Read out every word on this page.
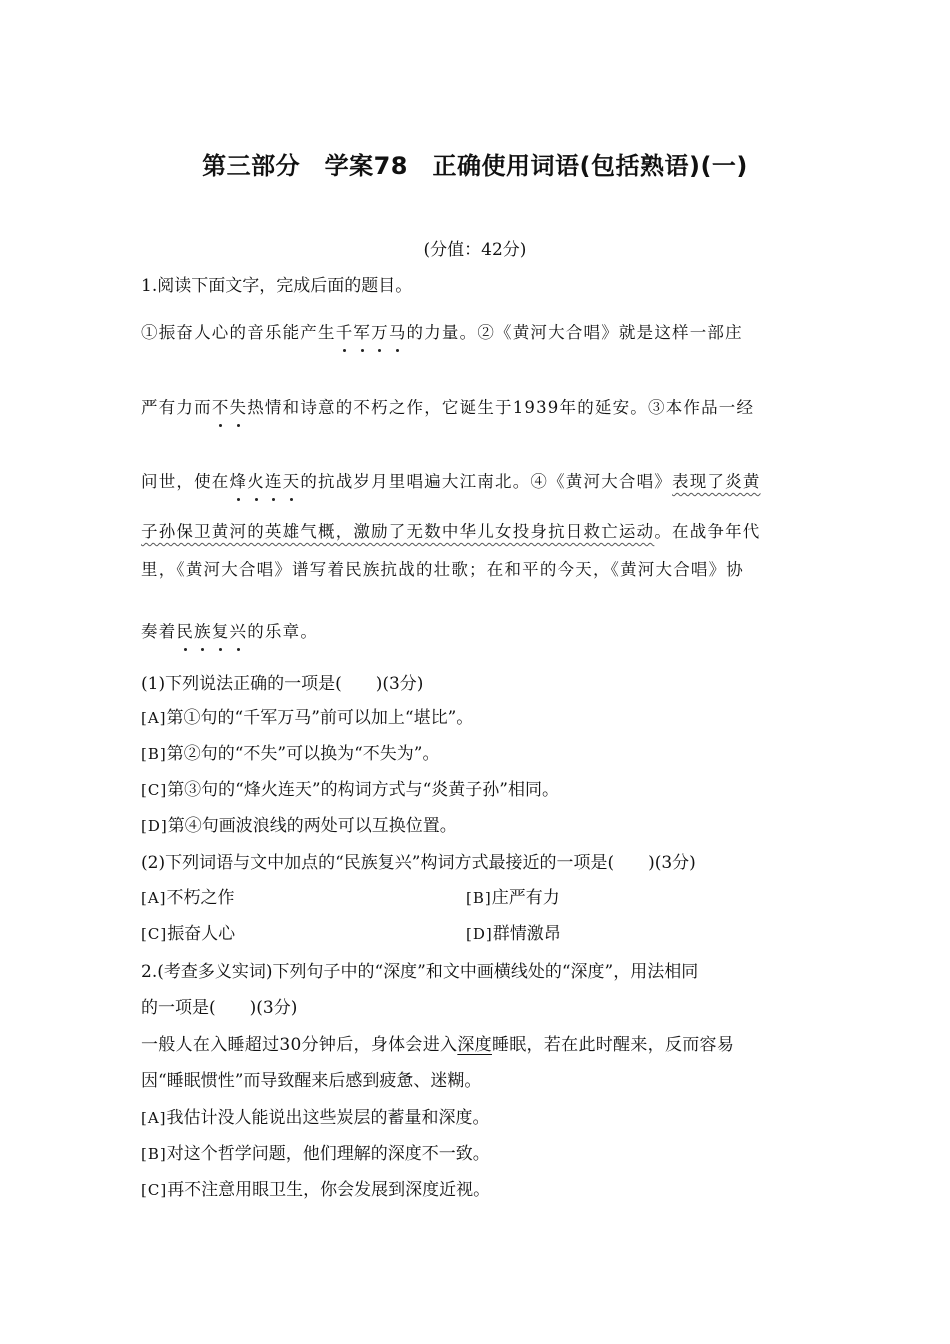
第三部分　学案78　正确使用词语(包括熟语)(一)
(分值：42分)
1.阅读下面文字，完成后面的题目。
①振奋人心的音乐能产生千军万马的力量。②《黄河大合唱》就是这样一部庄
严有力而不失热情和诗意的不朽之作，它诞生于1939年的延安。③本作品一经
问世，使在烽火连天的抗战岁月里唱遍大江南北。④《黄河大合唱》表现了炎黄
子孙保卫黄河的英雄气概，激励了无数中华儿女投身抗日救亡运动。在战争年代
里，《黄河大合唱》谱写着民族抗战的壮歌；在和平的今天，《黄河大合唱》协
奏着民族复兴的乐章。
(1)下列说法正确的一项是(　　)(3分)
[A]第①句的“千军万马”前可以加上“堪比”。
[B]第②句的“不失”可以换为“不失为”。
[C]第③句的“烽火连天”的构词方式与“炎黄子孙”相同。
[D]第④句画波浪线的两处可以互换位置。
(2)下列词语与文中加点的“民族复兴”构词方式最接近的一项是(　　)(3分)
[A]不朽之作	[B]庄严有力
[C]振奋人心	[D]群情激昂
2.(考查多义实词)下列句子中的“深度”和文中画横线处的“深度”，用法相同
的一项是(　　)(3分)
一般人在入睡超过30分钟后，身体会进入深度睡眠，若在此时醒来，反而容易
因“睡眠惯性”而导致醒来后感到疲惫、迷糊。
[A]我估计没人能说出这些炭层的蓄量和深度。
[B]对这个哲学问题，他们理解的深度不一致。
[C]再不注意用眼卫生，你会发展到深度近视。
